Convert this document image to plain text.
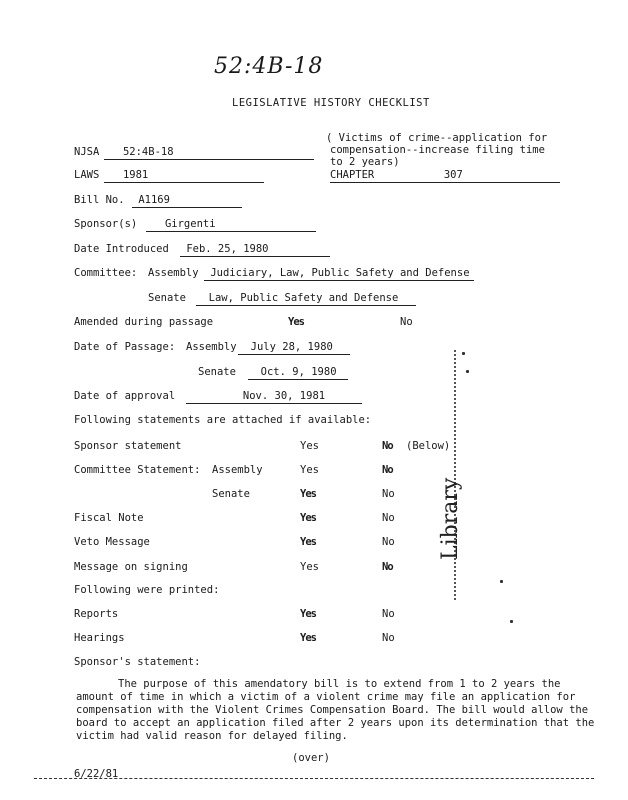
52:4B-18
LEGISLATIVE HISTORY CHECKLIST
NJSA	52:4B-18
( Victims of crime--application for
compensation--increase filing time
to 2 years)
LAWS	1981	CHAPTER	307
Bill No.	A1169
Sponsor(s)	Girgenti
Date Introduced	Feb. 25, 1980
Committee: Assembly	Judiciary, Law, Public Safety and Defense
Senate	Law, Public Safety and Defense
Amended during passage	Yes	No
Date of Passage: Assembly	July 28, 1980
Senate	Oct. 9, 1980
Date of approval	Nov. 30, 1981
Following statements are attached if available:
Sponsor statement	Yes	No (Below)
Committee Statement: Assembly	Yes	No
Senate	Yes	No
Fiscal Note	Yes	No
Veto Message	Yes	No
Message on signing	Yes	No
Following were printed:
Reports	Yes	No
Hearings	Yes	No
Sponsor's statement:
The purpose of this amendatory bill is to extend from 1 to 2 years the amount of time in which a victim of a violent crime may file an application for compensation with the Violent Crimes Compensation Board. The bill would allow the board to accept an application filed after 2 years upon its determination that the victim had valid reason for delayed filing.
(over)
6/22/81
Library
